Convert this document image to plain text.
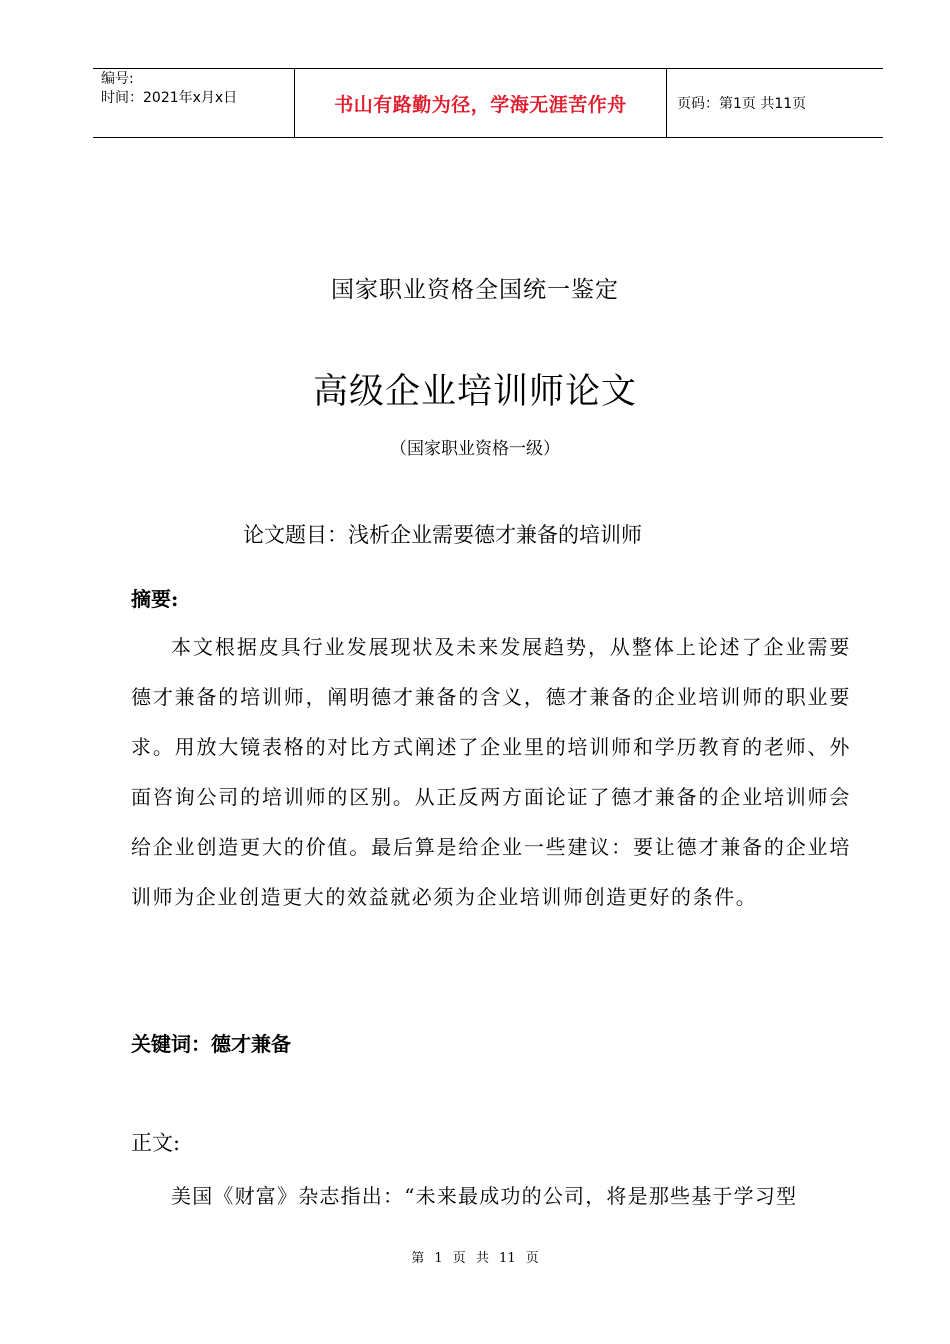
编号:
时间：2021年x月x日	书山有路勤为径，学海无涯苦作舟	页码：第1页 共11页
国家职业资格全国统一鉴定
高级企业培训师论文
（国家职业资格一级）
论文题目：浅析企业需要德才兼备的培训师
摘要:
本文根据皮具行业发展现状及未来发展趋势，从整体上论述了企业需要德才兼备的培训师，阐明德才兼备的含义，德才兼备的企业培训师的职业要求。用放大镜表格的对比方式阐述了企业里的培训师和学历教育的老师、外面咨询公司的培训师的区别。从正反两方面论证了德才兼备的企业培训师会给企业创造更大的价值。最后算是给企业一些建议：要让德才兼备的企业培训师为企业创造更大的效益就必须为企业培训师创造更好的条件。
关键词：德才兼备
正文:
美国《财富》杂志指出：“未来最成功的公司，将是那些基于学习型
第 1 页 共 11 页
